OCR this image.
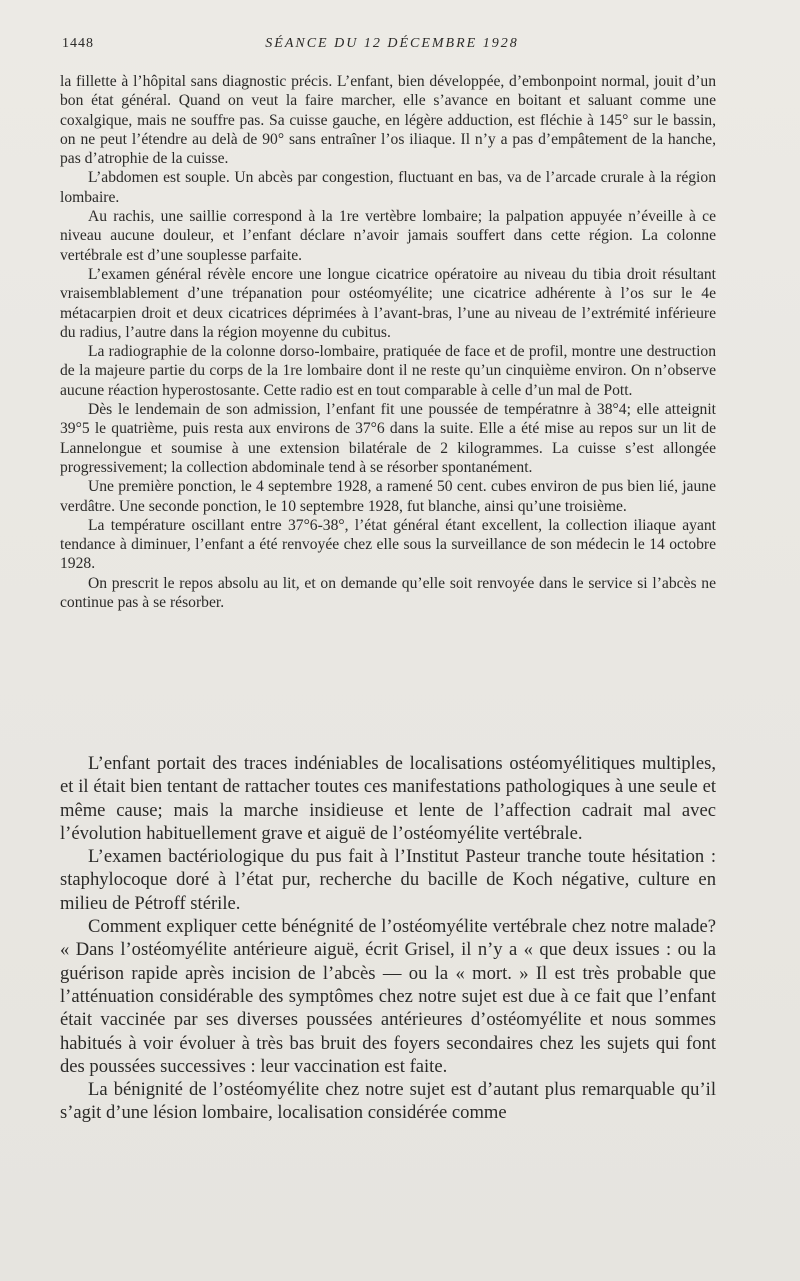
1448	SÉANCE DU 12 DÉCEMBRE 1928

la fillette à l’hôpital sans diagnostic précis. L’enfant, bien développée, d’embonpoint normal, jouit d’un bon état général. Quand on veut la faire marcher, elle s’avance en boitant et saluant comme une coxalgique, mais ne souffre pas. Sa cuisse gauche, en légère adduction, est fléchie à 145° sur le bassin, on ne peut l’étendre au delà de 90° sans entraîner l’os iliaque. Il n’y a pas d’empâtement de la hanche, pas d’atrophie de la cuisse.

L’abdomen est souple. Un abcès par congestion, fluctuant en bas, va de l’arcade crurale à la région lombaire.

Au rachis, une saillie correspond à la 1re vertèbre lombaire; la palpation appuyée n’éveille à ce niveau aucune douleur, et l’enfant déclare n’avoir jamais souffert dans cette région. La colonne vertébrale est d’une souplesse parfaite.

L’examen général révèle encore une longue cicatrice opératoire au niveau du tibia droit résultant vraisemblablement d’une trépanation pour ostéomyélite; une cicatrice adhérente à l’os sur le 4e métacarpien droit et deux cicatrices déprimées à l’avant-bras, l’une au niveau de l’extrémité inférieure du radius, l’autre dans la région moyenne du cubitus.

La radiographie de la colonne dorso-lombaire, pratiquée de face et de profil, montre une destruction de la majeure partie du corps de la 1re lombaire dont il ne reste qu’un cinquième environ. On n’observe aucune réaction hyperostosante. Cette radio est en tout comparable à celle d’un mal de Pott.

Dès le lendemain de son admission, l’enfant fit une poussée de températnre à 38°4; elle atteignit 39°5 le quatrième, puis resta aux environs de 37°6 dans la suite. Elle a été mise au repos sur un lit de Lannelongue et soumise à une extension bilatérale de 2 kilogrammes. La cuisse s’est allongée progressivement; la collection abdominale tend à se résorber spontanément.

Une première ponction, le 4 septembre 1928, a ramené 50 cent. cubes environ de pus bien lié, jaune verdâtre. Une seconde ponction, le 10 septembre 1928, fut blanche, ainsi qu’une troisième.

La température oscillant entre 37°6-38°, l’état général étant excellent, la collection iliaque ayant tendance à diminuer, l’enfant a été renvoyée chez elle sous la surveillance de son médecin le 14 octobre 1928.

On prescrit le repos absolu au lit, et on demande qu’elle soit renvoyée dans le service si l’abcès ne continue pas à se résorber.

L’enfant portait des traces indéniables de localisations ostéomyélitiques multiples, et il était bien tentant de rattacher toutes ces manifestations pathologiques à une seule et même cause; mais la marche insidieuse et lente de l’affection cadrait mal avec l’évolution habituellement grave et aiguë de l’ostéomyélite vertébrale.

L’examen bactériologique du pus fait à l’Institut Pasteur tranche toute hésitation : staphylocoque doré à l’état pur, recherche du bacille de Koch négative, culture en milieu de Pétroff stérile.

Comment expliquer cette bénégnité de l’ostéomyélite vertébrale chez notre malade? « Dans l’ostéomyélite antérieure aiguë, écrit Grisel, il n’y a « que deux issues : ou la guérison rapide après incision de l’abcès — ou la « mort. » Il est très probable que l’atténuation considérable des symptômes chez notre sujet est due à ce fait que l’enfant était vaccinée par ses diverses poussées antérieures d’ostéomyélite et nous sommes habitués à voir évoluer à très bas bruit des foyers secondaires chez les sujets qui font des poussées successives : leur vaccination est faite.

La bénignité de l’ostéomyélite chez notre sujet est d’autant plus remarquable qu’il s’agit d’une lésion lombaire, localisation considérée comme
